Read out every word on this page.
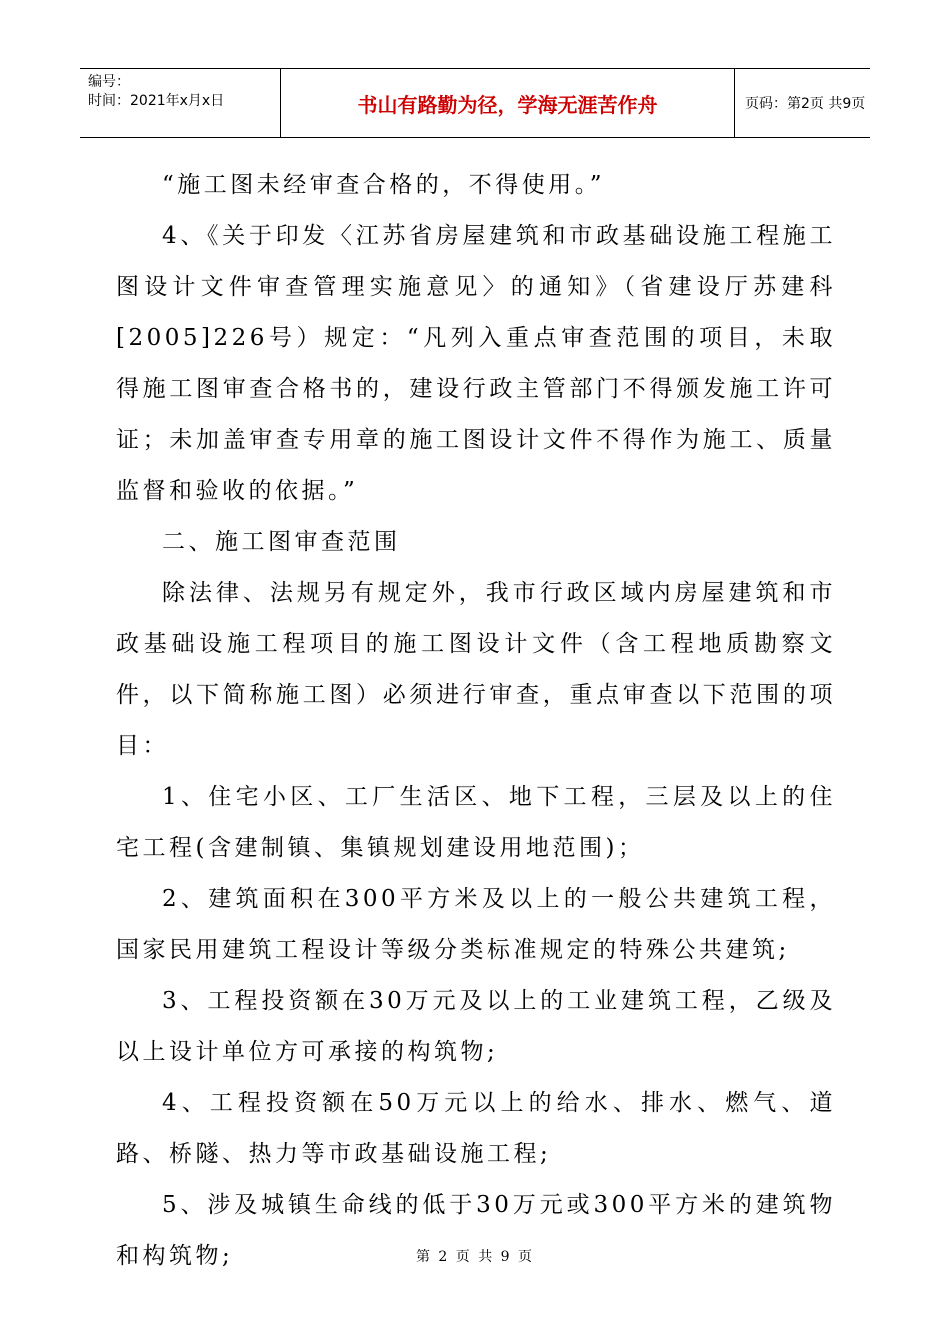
编号：
时间：2021年x月x日	书山有路勤为径，学海无涯苦作舟	页码：第2页 共9页

“施工图未经审查合格的，不得使用。”

4、《关于印发〈江苏省房屋建筑和市政基础设施工程施工图设计文件审查管理实施意见〉的通知》（省建设厅苏建科[2005]226号）规定：“凡列入重点审查范围的项目，未取得施工图审查合格书的，建设行政主管部门不得颁发施工许可证；未加盖审查专用章的施工图设计文件不得作为施工、质量监督和验收的依据。”

二、施工图审查范围

除法律、法规另有规定外，我市行政区域内房屋建筑和市政基础设施工程项目的施工图设计文件（含工程地质勘察文件，以下简称施工图）必须进行审查，重点审查以下范围的项目：

1、住宅小区、工厂生活区、地下工程，三层及以上的住宅工程(含建制镇、集镇规划建设用地范围)；

2、建筑面积在300平方米及以上的一般公共建筑工程，国家民用建筑工程设计等级分类标准规定的特殊公共建筑;

3、工程投资额在30万元及以上的工业建筑工程，乙级及以上设计单位方可承接的构筑物;

4、工程投资额在50万元以上的给水、排水、燃气、道路、桥隧、热力等市政基础设施工程;

5、涉及城镇生命线的低于30万元或300平方米的建筑物和构筑物;	第 2 页 共 9 页
